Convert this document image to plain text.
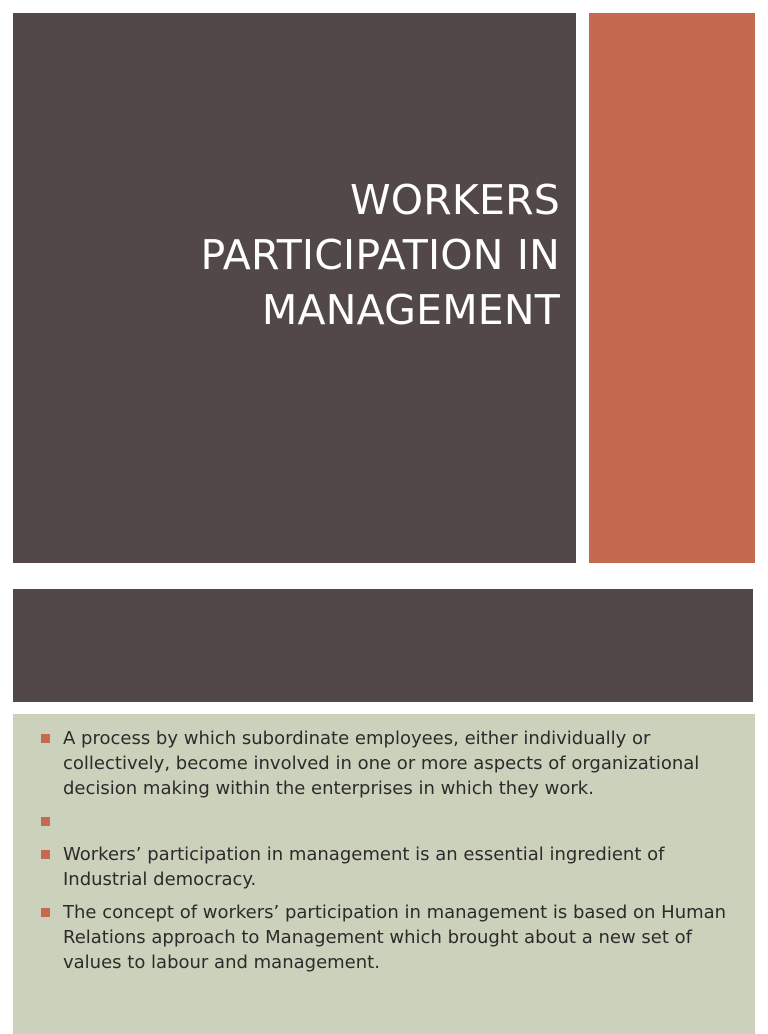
WORKERS PARTICIPATION IN MANAGEMENT
A process by which subordinate employees, either individually or collectively, become involved in one or more aspects of organizational decision making within the enterprises in which they work.
Workers’ participation in management is an essential ingredient of Industrial democracy.
The concept of workers’ participation in management is based on Human Relations approach to Management which brought about a new set of values to labour and management.
